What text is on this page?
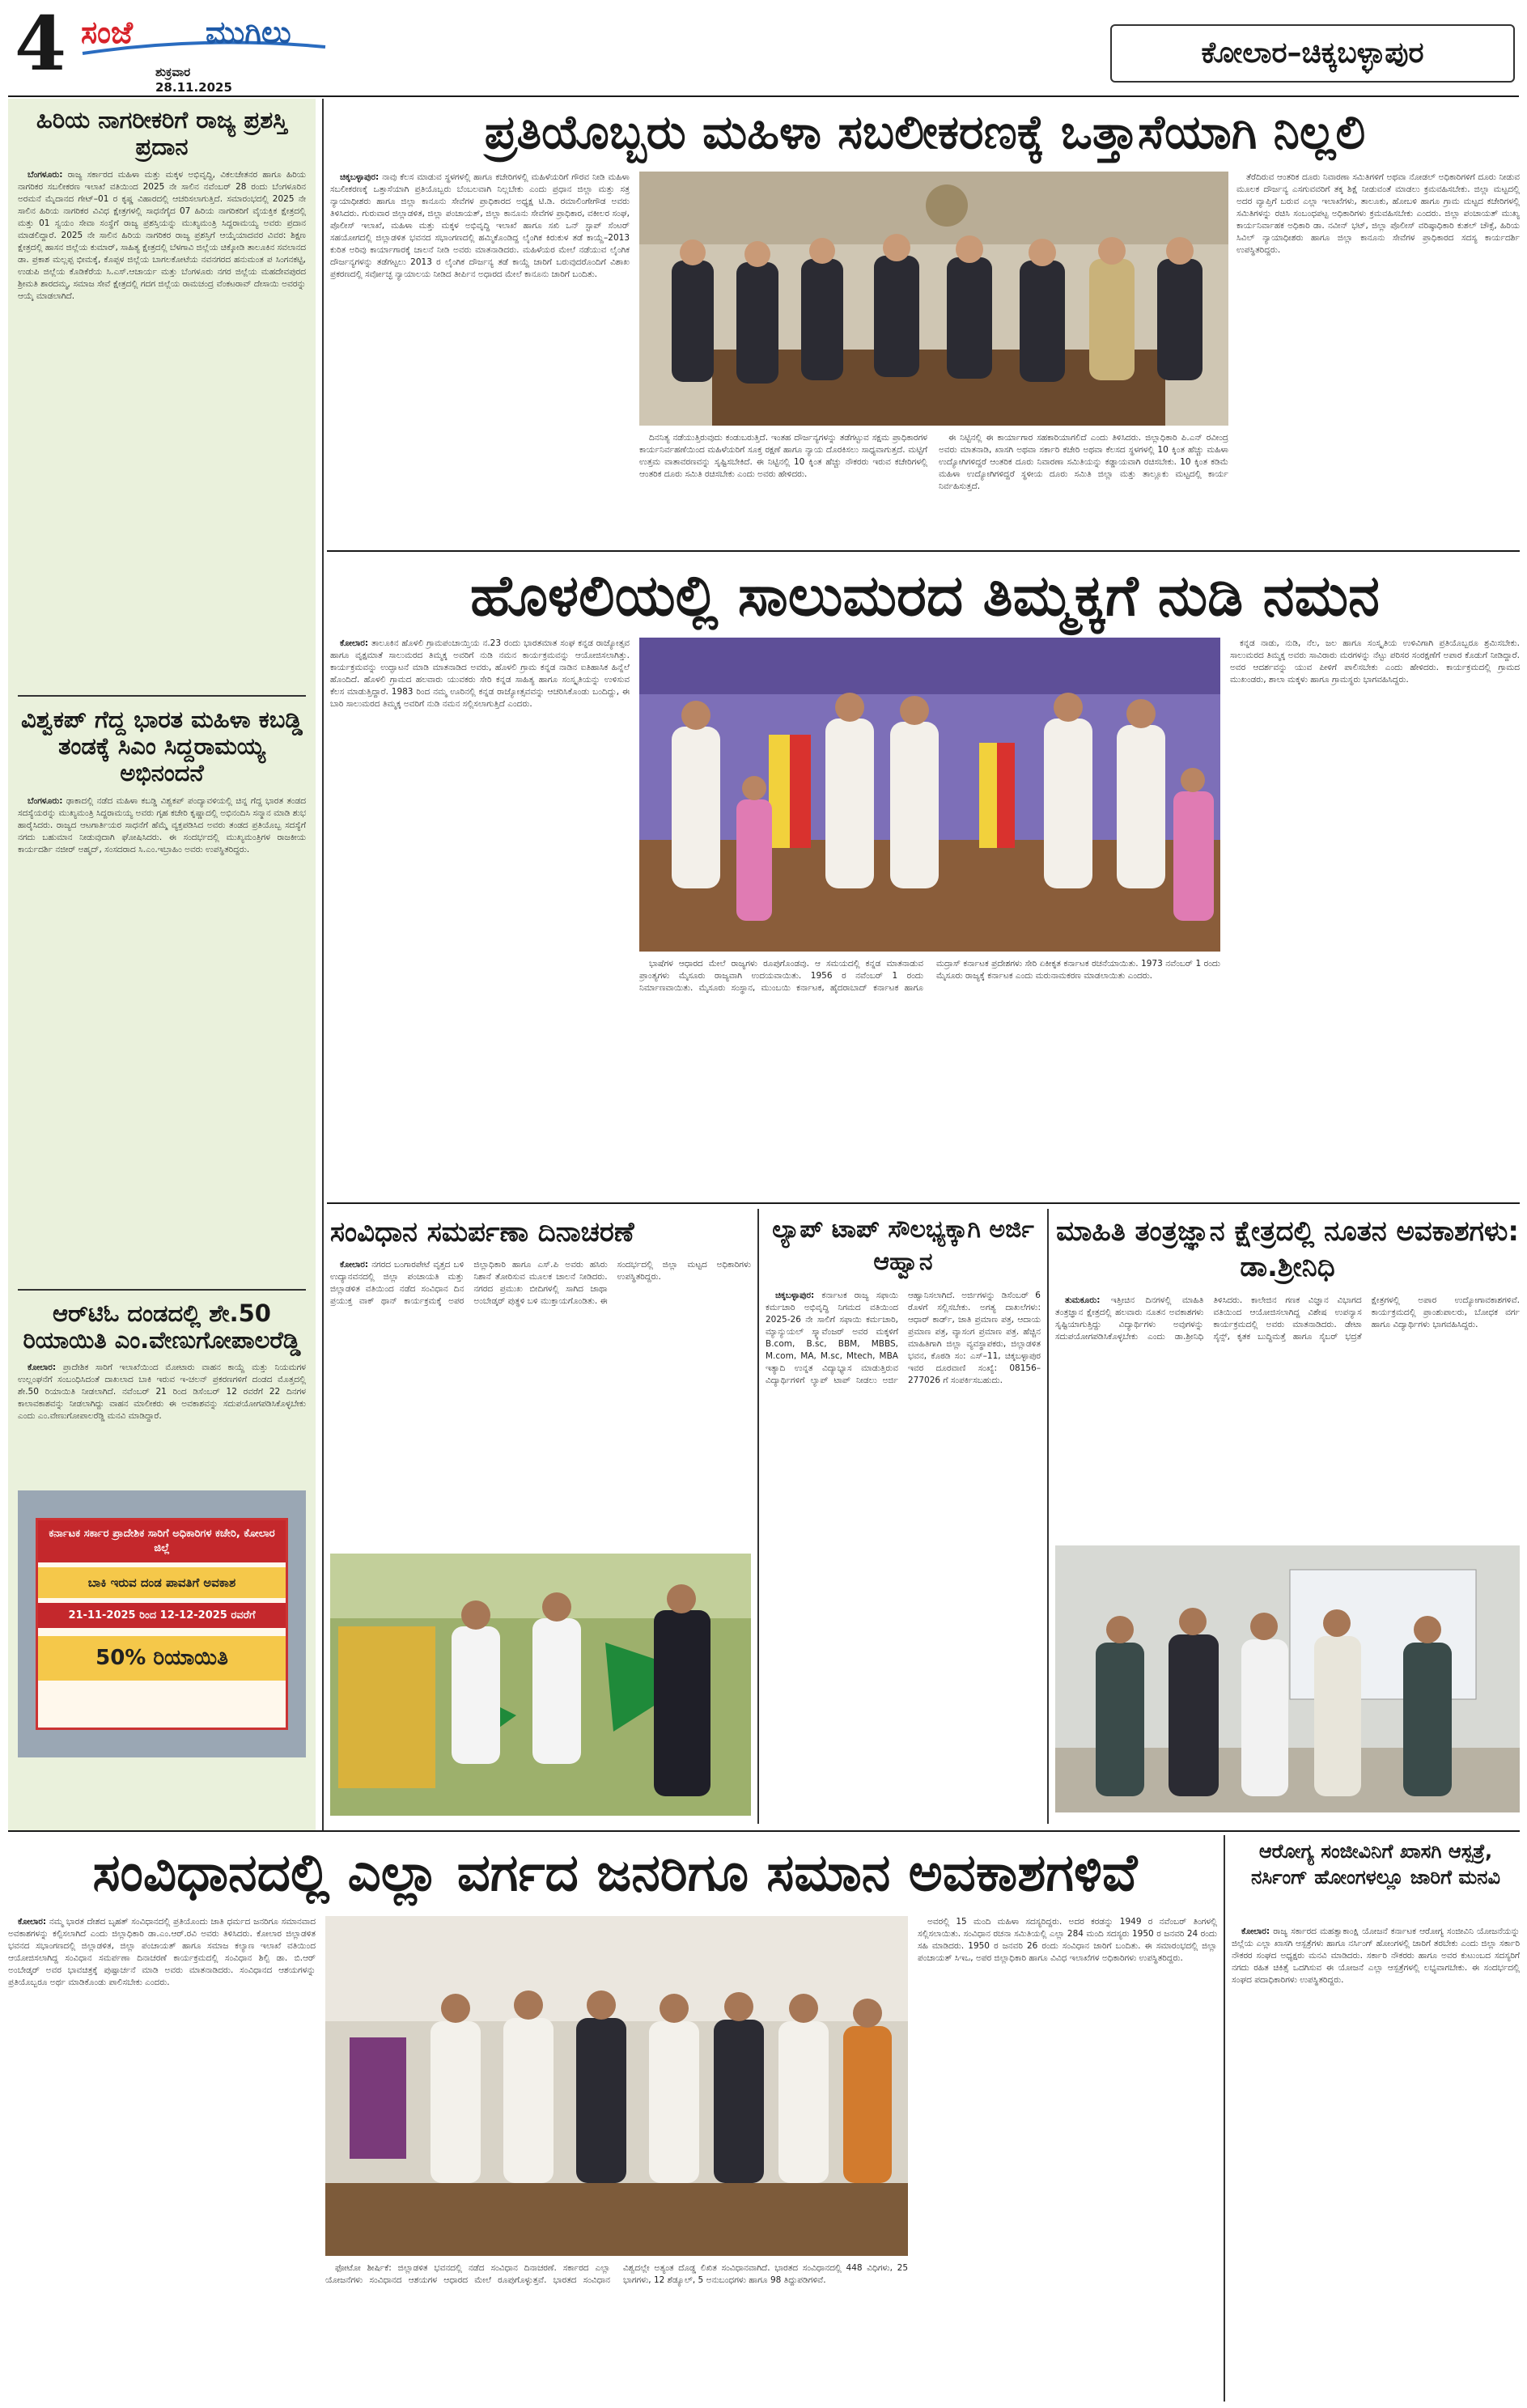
4 ಸಂಜೆ ಮುಗಿಲು
ಶುಕ್ರವಾರ
28.11.2025
ಕೋಲಾರ–ಚಿಕ್ಕಬಳ್ಳಾಪುರ
ಹಿರಿಯ ನಾಗರೀಕರಿಗೆ ರಾಜ್ಯ ಪ್ರಶಸ್ತಿ ಪ್ರದಾನ

ಬೆಂಗಳೂರು: ರಾಜ್ಯ ಸರ್ಕಾರದ ಮಹಿಳಾ ಮತ್ತು ಮಕ್ಕಳ ಅಭಿವೃದ್ಧಿ, ವಿಕಲಚೇತನರ ಹಾಗೂ ಹಿರಿಯ ನಾಗರಿಕರ ಸಬಲೀಕರಣ ಇಲಾಖೆ ವತಿಯಿಂದ 2025 ನೇ ಸಾಲಿನ ನವೆಂಬರ್ 28 ರಂದು ಬೆಂಗಳೂರಿನ ಅರಮನೆ ಮೈದಾನದ ಗೇಟ್–01 ರ ಕೃಷ್ಣ ವಿಹಾರದಲ್ಲಿ ಆಚರಿಸಲಾಗುತ್ತಿದೆ. ಸಮಾರಂಭದಲ್ಲಿ 2025 ನೇ ಸಾಲಿನ ಹಿರಿಯ ನಾಗರಿಕರ ವಿವಿಧ ಕ್ಷೇತ್ರಗಳಲ್ಲಿ ಸಾಧನೆಗೈದ 07 ಹಿರಿಯ ನಾಗರಿಕರಿಗೆ ವೈಯಕ್ತಿಕ ಕ್ಷೇತ್ರದಲ್ಲಿ ಮತ್ತು 01 ಸ್ವಯಂ ಸೇವಾ ಸಂಸ್ಥೆಗೆ ರಾಜ್ಯ ಪ್ರಶಸ್ತಿಯನ್ನು ಮುಖ್ಯಮಂತ್ರಿ ಸಿದ್ದರಾಮಯ್ಯ ಅವರು ಪ್ರದಾನ ಮಾಡಲಿದ್ದಾರೆ. 2025 ನೇ ಸಾಲಿನ ಹಿರಿಯ ನಾಗರಿಕರ ರಾಜ್ಯ ಪ್ರಶಸ್ತಿಗೆ ಆಯ್ಕೆಯಾದವರ ವಿವರ: ಶಿಕ್ಷಣ ಕ್ಷೇತ್ರದಲ್ಲಿ ಹಾಸನ ಜಿಲ್ಲೆಯ ಕುಮಾರ್, ಸಾಹಿತ್ಯ ಕ್ಷೇತ್ರದಲ್ಲಿ ಬೆಳಗಾವಿ ಜಿಲ್ಲೆಯ ಚಿಕ್ಕೋಡಿ ತಾಲೂಕಿನ ಸವಲಾನದ ಡಾ. ಪ್ರಕಾಶ ಮಲ್ಲಪ್ಪ ಭೀಮಕ್ಕೆ, ಕೊಪ್ಪಳ ಜಿಲ್ಲೆಯ ಬಾಗಲಕೋಟೆಯ ನವನಗರದ ಹನುಮಂತ ಪ ಸಿಂಗನಕಟ್ಟಿ, ಉಡುಪಿ ಜಿಲ್ಲೆಯ ಕೊಡಿಕೆರೆಯ ಸಿ.ಎಸ್.ಆಚಾರ್ಯ ಮತ್ತು ಬೆಂಗಳೂರು ನಗರ ಜಿಲ್ಲೆಯ ಮಹದೇವಪುರದ ಶ್ರೀಮತಿ ಶಾರದಮ್ಮ, ಸಮಾಜ ಸೇವೆ ಕ್ಷೇತ್ರದಲ್ಲಿ ಗದಗ ಜಿಲ್ಲೆಯ ರಾಮಚಂದ್ರ ವೆಂಕಟರಾವ್ ದೇಸಾಯಿ ಅವರನ್ನು ಆಯ್ಕೆ ಮಾಡಲಾಗಿದೆ.

ವಿಶ್ವಕಪ್ ಗೆದ್ದ ಭಾರತ ಮಹಿಳಾ ಕಬಡ್ಡಿ ತಂಡಕ್ಕೆ ಸಿಎಂ ಸಿದ್ದರಾಮಯ್ಯ ಅಭಿನಂದನೆ

ಬೆಂಗಳೂರು: ಢಾಕಾದಲ್ಲಿ ನಡೆದ ಮಹಿಳಾ ಕಬಡ್ಡಿ ವಿಶ್ವಕಪ್ ಪಂದ್ಯಾವಳಿಯಲ್ಲಿ ಚಿನ್ನ ಗೆದ್ದ ಭಾರತ ತಂಡದ ಸದಸ್ಯೆಯರನ್ನು ಮುಖ್ಯಮಂತ್ರಿ ಸಿದ್ದರಾಮಯ್ಯ ಅವರು ಗೃಹ ಕಚೇರಿ ಕೃಷ್ಣಾದಲ್ಲಿ ಅಭಿನಂದಿಸಿ ಸನ್ಮಾನ ಮಾಡಿ ಶುಭ ಹಾರೈಸಿದರು. ರಾಜ್ಯದ ಆಟಗಾರ್ತಿಯರ ಸಾಧನೆಗೆ ಹೆಮ್ಮೆ ವ್ಯಕ್ತಪಡಿಸಿದ ಅವರು ತಂಡದ ಪ್ರತಿಯೊಬ್ಬ ಸದಸ್ಯೆಗೆ ನಗದು ಬಹುಮಾನ ನೀಡುವುದಾಗಿ ಘೋಷಿಸಿದರು. ಈ ಸಂದರ್ಭದಲ್ಲಿ ಮುಖ್ಯಮಂತ್ರಿಗಳ ರಾಜಕೀಯ ಕಾರ್ಯದರ್ಶಿ ನಜೀರ್ ಅಹ್ಮದ್, ಸಂಸದರಾದ ಸಿ.ಎಂ.ಇಬ್ರಾಹಿಂ ಅವರು ಉಪಸ್ಥಿತರಿದ್ದರು.

ಆರ್‌ಟಿಓ ದಂಡದಲ್ಲಿ ಶೇ.50 ರಿಯಾಯಿತಿ ಎಂ.ವೇಣುಗೋಪಾಲರೆಡ್ಡಿ

ಕೋಲಾರ: ಪ್ರಾದೇಶಿಕ ಸಾರಿಗೆ ಇಲಾಖೆಯಿಂದ ಮೋಟಾರು ವಾಹನ ಕಾಯ್ದೆ ಮತ್ತು ನಿಯಮಗಳ ಉಲ್ಲಂಘನೆಗೆ ಸಂಬಂಧಿಸಿದಂತೆ ದಾಖಲಾದ ಬಾಕಿ ಇರುವ ಇ-ಚಲನ್ ಪ್ರಕರಣಗಳಿಗೆ ದಂಡದ ಮೊತ್ತದಲ್ಲಿ ಶೇ.50 ರಿಯಾಯಿತಿ ನೀಡಲಾಗಿದೆ. ನವೆಂಬರ್ 21 ರಿಂದ ಡಿಸೆಂಬರ್ 12 ರವರೆಗೆ 22 ದಿನಗಳ ಕಾಲಾವಕಾಶವನ್ನು ನೀಡಲಾಗಿದ್ದು ವಾಹನ ಮಾಲೀಕರು ಈ ಅವಕಾಶವನ್ನು ಸದುಪಯೋಗಪಡಿಸಿಕೊಳ್ಳಬೇಕು ಎಂದು ಎಂ.ವೇಣುಗೋಪಾಲರೆಡ್ಡಿ ಮನವಿ ಮಾಡಿದ್ದಾರೆ.

ಕರ್ನಾಟಕ ಸರ್ಕಾರ ಪ್ರಾದೇಶಿಕ ಸಾರಿಗೆ ಅಧಿಕಾರಿಗಳ ಕಚೇರಿ, ಕೋಲಾರ ಜಿಲ್ಲೆ
ಬಾಕಿ ಇರುವ ದಂಡ ಪಾವತಿಗೆ ಅವಕಾಶ
21-11-2025 ರಿಂದ 12-12-2025 ರವರೆಗೆ
50% ರಿಯಾಯಿತಿ
ಪ್ರತಿಯೊಬ್ಬರು ಮಹಿಳಾ ಸಬಲೀಕರಣಕ್ಕೆ ಒತ್ತಾಸೆಯಾಗಿ ನಿಲ್ಲಲಿ

ಚಿಕ್ಕಬಳ್ಳಾಪುರ: ನಾವು ಕೆಲಸ ಮಾಡುವ ಸ್ಥಳಗಳಲ್ಲಿ ಹಾಗೂ ಕಚೇರಿಗಳಲ್ಲಿ ಮಹಿಳೆಯರಿಗೆ ಗೌರವ ನೀಡಿ ಮಹಿಳಾ ಸಬಲೀಕರಣಕ್ಕೆ ಒತ್ತಾಸೆಯಾಗಿ ಪ್ರತಿಯೊಬ್ಬರು ಬೆಂಬಲವಾಗಿ ನಿಲ್ಲಬೇಕು ಎಂದು ಪ್ರಧಾನ ಜಿಲ್ಲಾ ಮತ್ತು ಸತ್ರ ನ್ಯಾಯಾಧೀಶರು ಹಾಗೂ ಜಿಲ್ಲಾ ಕಾನೂನು ಸೇವೆಗಳ ಪ್ರಾಧಿಕಾರದ ಅಧ್ಯಕ್ಷ ಟಿ.ಡಿ. ರಮಾಲಿಂಗೇಗೌಡ ಅವರು ತಿಳಿಸಿದರು. ಗುರುವಾರ ಜಿಲ್ಲಾಡಳಿತ, ಜಿಲ್ಲಾ ಪಂಚಾಯತ್, ಜಿಲ್ಲಾ ಕಾನೂನು ಸೇವೆಗಳ ಪ್ರಾಧಿಕಾರ, ವಕೀಲರ ಸಂಘ, ಪೊಲೀಸ್ ಇಲಾಖೆ, ಮಹಿಳಾ ಮತ್ತು ಮಕ್ಕಳ ಅಭಿವೃದ್ಧಿ ಇಲಾಖೆ ಹಾಗೂ ಸಖಿ ಒನ್ ಸ್ಟಾಪ್ ಸೆಂಟರ್ ಸಹಯೋಗದಲ್ಲಿ ಜಿಲ್ಲಾಡಳಿತ ಭವನದ ಸಭಾಂಗಣದಲ್ಲಿ ಹಮ್ಮಿಕೊಂಡಿದ್ದ ಲೈಂಗಿಕ ಕಿರುಕುಳ ತಡೆ ಕಾಯ್ದೆ–2013 ಕುರಿತ ಅರಿವು ಕಾರ್ಯಾಗಾರಕ್ಕೆ ಚಾಲನೆ ನೀಡಿ ಅವರು ಮಾತನಾಡಿದರು. ಮಹಿಳೆಯರ ಮೇಲೆ ನಡೆಯುವ ಲೈಂಗಿಕ ದೌರ್ಜನ್ಯಗಳನ್ನು ತಡೆಗಟ್ಟಲು 2013 ರ ಲೈಂಗಿಕ ದೌರ್ಜನ್ಯ ತಡೆ ಕಾಯ್ದೆ ಜಾರಿಗೆ ಬರುವುದರೊಂದಿಗೆ ವಿಶಾಖ ಪ್ರಕರಣದಲ್ಲಿ ಸರ್ವೋಚ್ಛ ನ್ಯಾಯಾಲಯ ನೀಡಿದ ತೀರ್ಪಿನ ಅಧಾರದ ಮೇಲೆ ಕಾನೂನು ಜಾರಿಗೆ ಬಂದಿತು.

ದಿನನಿತ್ಯ ನಡೆಯುತ್ತಿರುವುದು ಕಂಡುಬರುತ್ತಿದೆ. ಇಂತಹ ದೌರ್ಜನ್ಯಗಳನ್ನು ತಡೆಗಟ್ಟುವ ಸಕ್ಷಮ ಪ್ರಾಧಿಕಾರಗಳ ಕಾರ್ಯನಿರ್ವಹಣೆಯಿಂದ ಮಹಿಳೆಯರಿಗೆ ಸೂಕ್ತ ರಕ್ಷಣೆ ಹಾಗೂ ನ್ಯಾಯ ದೊರಕಿಸಲು ಸಾಧ್ಯವಾಗುತ್ತದೆ. ಮಟ್ಟಿಗೆ ಉತ್ತಮ ವಾತಾವರಣವನ್ನು ಸೃಷ್ಟಿಸಬೇಕಿದೆ. ಈ ನಿಟ್ಟಿನಲ್ಲಿ 10 ಕ್ಕಿಂತ ಹೆಚ್ಚು ನೌಕರರು ಇರುವ ಕಚೇರಿಗಳಲ್ಲಿ ಆಂತರಿಕ ದೂರು ಸಮಿತಿ ರಚಿಸಬೇಕು ಎಂದು ಅವರು ಹೇಳಿದರು.

ಈ ನಿಟ್ಟಿನಲ್ಲಿ ಈ ಕಾರ್ಯಾಗಾರ ಸಹಕಾರಿಯಾಗಲಿದೆ ಎಂದು ತಿಳಿಸಿದರು. ಜಿಲ್ಲಾಧಿಕಾರಿ ಪಿ.ಎನ್ ರವೀಂದ್ರ ಅವರು ಮಾತನಾಡಿ, ಖಾಸಗಿ ಅಥವಾ ಸರ್ಕಾರಿ ಕಚೇರಿ ಅಥವಾ ಕೆಲಸದ ಸ್ಥಳಗಳಲ್ಲಿ 10 ಕ್ಕಿಂತ ಹೆಚ್ಚು ಮಹಿಳಾ ಉದ್ಯೋಗಿಗಳಿದ್ದರೆ ಆಂತರಿಕ ದೂರು ನಿವಾರಣಾ ಸಮಿತಿಯನ್ನು ಕಡ್ಡಾಯವಾಗಿ ರಚಿಸಬೇಕು. 10 ಕ್ಕಿಂತ ಕಡಿಮೆ ಮಹಿಳಾ ಉದ್ಯೋಗಿಗಳಿದ್ದರೆ ಸ್ಥಳೀಯ ದೂರು ಸಮಿತಿ ಜಿಲ್ಲಾ ಮತ್ತು ತಾಲ್ಲೂಕು ಮಟ್ಟದಲ್ಲಿ ಕಾರ್ಯ ನಿರ್ವಹಿಸುತ್ತದೆ.

ತೆರೆದಿರುವ ಆಂತರಿಕ ದೂರು ನಿವಾರಣಾ ಸಮಿತಿಗಳಿಗೆ ಅಥವಾ ನೋಡಲ್ ಅಧಿಕಾರಿಗಳಿಗೆ ದೂರು ನೀಡುವ ಮೂಲಕ ದೌರ್ಜನ್ಯ ಎಸಗುವವರಿಗೆ ತಕ್ಕ ಶಿಕ್ಷೆ ನೀಡುವಂತೆ ಮಾಡಲು ಕ್ರಮವಹಿಸಬೇಕು. ಜಿಲ್ಲಾ ಮಟ್ಟದಲ್ಲಿ ಅದರ ವ್ಯಾಪ್ತಿಗೆ ಬರುವ ಎಲ್ಲಾ ಇಲಾಖೆಗಳು, ತಾಲೂಕು, ಹೋಬಳಿ ಹಾಗೂ ಗ್ರಾಮ ಮಟ್ಟದ ಕಚೇರಿಗಳಲ್ಲಿ ಸಮಿತಿಗಳನ್ನು ರಚಿಸಿ ಸಂಬಂಧಪಟ್ಟ ಅಧಿಕಾರಿಗಳು ಕ್ರಮವಹಿಸಬೇಕು ಎಂದರು. ಜಿಲ್ಲಾ ಪಂಚಾಯತ್ ಮುಖ್ಯ ಕಾರ್ಯನಿರ್ವಾಹಕ ಅಧಿಕಾರಿ ಡಾ. ನವೀನ್ ಭಟ್, ಜಿಲ್ಲಾ ಪೊಲೀಸ್ ವರಿಷ್ಠಾಧಿಕಾರಿ ಕುಶಲ್ ಚೌಕ್ಸೆ, ಹಿರಿಯ ಸಿವಿಲ್ ನ್ಯಾಯಾಧೀಶರು ಹಾಗೂ ಜಿಲ್ಲಾ ಕಾನೂನು ಸೇವೆಗಳ ಪ್ರಾಧಿಕಾರದ ಸದಸ್ಯ ಕಾರ್ಯದರ್ಶಿ ಉಪಸ್ಥಿತರಿದ್ದರು.

ಹೊಳಲಿಯಲ್ಲಿ ಸಾಲುಮರದ ತಿಮ್ಮಕ್ಕಗೆ ನುಡಿ ನಮನ

ಕೋಲಾರ: ತಾಲೂಕಿನ ಹೊಳಲಿ ಗ್ರಾಮಪಂಚಾಯ್ತಿಯ ನ.23 ರಂದು ಭಾರತಮಾತ ಸಂಘ ಕನ್ನಡ ರಾಜ್ಯೋತ್ಸವ ಹಾಗೂ ವೃಕ್ಷಮಾತೆ ಸಾಲುಮರದ ತಿಮ್ಮಕ್ಕ ಅವರಿಗೆ ನುಡಿ ನಮನ ಕಾರ್ಯಕ್ರಮವನ್ನು ಆಯೋಜಿಸಲಾಗಿತ್ತು. ಕಾರ್ಯಕ್ರಮವನ್ನು ಉದ್ಘಾಟನೆ ಮಾಡಿ ಮಾತನಾಡಿದ ಅವರು, ಹೊಳಲಿ ಗ್ರಾಮ ಕನ್ನಡ ನಾಡಿನ ಐತಿಹಾಸಿಕ ಹಿನ್ನೆಲೆ ಹೊಂದಿದೆ. ಹೊಳಲಿ ಗ್ರಾಮದ ಹಲವಾರು ಯುವಕರು ಸೇರಿ ಕನ್ನಡ ಸಾಹಿತ್ಯ ಹಾಗೂ ಸಂಸ್ಕೃತಿಯನ್ನು ಉಳಿಸುವ ಕೆಲಸ ಮಾಡುತ್ತಿದ್ದಾರೆ. 1983 ರಿಂದ ನಮ್ಮ ಊರಿನಲ್ಲಿ ಕನ್ನಡ ರಾಜ್ಯೋತ್ಸವವನ್ನು ಆಚರಿಸಿಕೊಂಡು ಬಂದಿದ್ದು, ಈ ಬಾರಿ ಸಾಲುಮರದ ತಿಮ್ಮಕ್ಕ ಅವರಿಗೆ ನುಡಿ ನಮನ ಸಲ್ಲಿಸಲಾಗುತ್ತಿದೆ ಎಂದರು.

ಭಾಷೆಗಳ ಆಧಾರದ ಮೇಲೆ ರಾಜ್ಯಗಳು ರೂಪುಗೊಂಡವು. ಆ ಸಮಯದಲ್ಲಿ ಕನ್ನಡ ಮಾತನಾಡುವ ಪ್ರಾಂತ್ಯಗಳು ಮೈಸೂರು ರಾಜ್ಯವಾಗಿ ಉದಯವಾಯಿತು. 1956 ರ ನವೆಂಬರ್ 1 ರಂದು ನಿರ್ಮಾಣವಾಯಿತು. ಮೈಸೂರು ಸಂಸ್ಥಾನ, ಮುಂಬಯಿ ಕರ್ನಾಟಕ, ಹೈದರಾಬಾದ್ ಕರ್ನಾಟಕ ಹಾಗೂ ಮದ್ರಾಸ್ ಕರ್ನಾಟಕ ಪ್ರದೇಶಗಳು ಸೇರಿ ಏಕೀಕೃತ ಕರ್ನಾಟಕ ರಚನೆಯಾಯಿತು. 1973 ನವೆಂಬರ್ 1 ರಂದು ಮೈಸೂರು ರಾಜ್ಯಕ್ಕೆ ಕರ್ನಾಟಕ ಎಂದು ಮರುನಾಮಕರಣ ಮಾಡಲಾಯಿತು ಎಂದರು.

ಕನ್ನಡ ನಾಡು, ನುಡಿ, ನೆಲ, ಜಲ ಹಾಗೂ ಸಂಸ್ಕೃತಿಯ ಉಳಿವಿಗಾಗಿ ಪ್ರತಿಯೊಬ್ಬರೂ ಶ್ರಮಿಸಬೇಕು. ಸಾಲುಮರದ ತಿಮ್ಮಕ್ಕ ಅವರು ಸಾವಿರಾರು ಮರಗಳನ್ನು ನೆಟ್ಟು ಪರಿಸರ ಸಂರಕ್ಷಣೆಗೆ ಅಪಾರ ಕೊಡುಗೆ ನೀಡಿದ್ದಾರೆ. ಅವರ ಆದರ್ಶವನ್ನು ಯುವ ಪೀಳಿಗೆ ಪಾಲಿಸಬೇಕು ಎಂದು ಹೇಳಿದರು. ಕಾರ್ಯಕ್ರಮದಲ್ಲಿ ಗ್ರಾಮದ ಮುಖಂಡರು, ಶಾಲಾ ಮಕ್ಕಳು ಹಾಗೂ ಗ್ರಾಮಸ್ಥರು ಭಾಗವಹಿಸಿದ್ದರು.

ಸಂವಿಧಾನ ಸಮರ್ಪಣಾ ದಿನಾಚರಣೆ

ಕೋಲಾರ: ನಗರದ ಬಂಗಾರಪೇಟೆ ವೃತ್ತದ ಬಳಿ ಉದ್ಯಾನವನದಲ್ಲಿ ಜಿಲ್ಲಾ ಪಂಚಾಯತಿ ಮತ್ತು ಜಿಲ್ಲಾಡಳಿತ ವತಿಯಿಂದ ನಡೆದ ಸಂವಿಧಾನ ದಿನ ಪ್ರಯುಕ್ತ ವಾಕ್ ಥಾನ್ ಕಾರ್ಯಕ್ರಮಕ್ಕೆ ಅಪರ ಜಿಲ್ಲಾಧಿಕಾರಿ ಹಾಗೂ ಎಸ್.ಪಿ ಅವರು ಹಸಿರು ನಿಶಾನೆ ತೋರಿಸುವ ಮೂಲಕ ಚಾಲನೆ ನೀಡಿದರು. ನಗರದ ಪ್ರಮುಖ ಬೀದಿಗಳಲ್ಲಿ ಸಾಗಿದ ಜಾಥಾ ಅಂಬೇಡ್ಕರ್ ಪುತ್ಥಳಿ ಬಳಿ ಮುಕ್ತಾಯಗೊಂಡಿತು. ಈ ಸಂದರ್ಭದಲ್ಲಿ ಜಿಲ್ಲಾ ಮಟ್ಟದ ಅಧಿಕಾರಿಗಳು ಉಪಸ್ಥಿತರಿದ್ದರು.

ಲ್ಯಾಪ್ ಟಾಪ್ ಸೌಲಭ್ಯಕ್ಕಾಗಿ ಅರ್ಜಿ ಆಹ್ವಾನ

ಚಿಕ್ಕಬಳ್ಳಾಪುರ: ಕರ್ನಾಟಕ ರಾಜ್ಯ ಸಫಾಯಿ ಕರ್ಮಚಾರಿ ಅಭಿವೃದ್ಧಿ ನಿಗಮದ ವತಿಯಿಂದ 2025-26 ನೇ ಸಾಲಿಗೆ ಸಫಾಯಿ ಕರ್ಮಚಾರಿ, ಮ್ಯಾನ್ಯುಯಲ್ ಸ್ಕ್ಯಾವೆಂಜರ್ ಅವರ ಮಕ್ಕಳಿಗೆ B.com, B.sc, BBM, MBBS, M.com, MA, M.sc, Mtech, MBA ಇತ್ಯಾದಿ ಉನ್ನತ ವಿದ್ಯಾಭ್ಯಾಸ ಮಾಡುತ್ತಿರುವ ವಿದ್ಯಾರ್ಥಿಗಳಿಗೆ ಲ್ಯಾಪ್ ಟಾಪ್ ನೀಡಲು ಅರ್ಜಿ ಆಹ್ವಾನಿಸಲಾಗಿದೆ. ಅರ್ಜಿಗಳನ್ನು ಡಿಸೆಂಬರ್ 6 ರೊಳಗೆ ಸಲ್ಲಿಸಬೇಕು. ಅಗತ್ಯ ದಾಖಲೆಗಳು: ಆಧಾರ್ ಕಾರ್ಡ್, ಜಾತಿ ಪ್ರಮಾಣ ಪತ್ರ, ಆದಾಯ ಪ್ರಮಾಣ ಪತ್ರ, ವ್ಯಾಸಂಗ ಪ್ರಮಾಣ ಪತ್ರ. ಹೆಚ್ಚಿನ ಮಾಹಿತಿಗಾಗಿ ಜಿಲ್ಲಾ ವ್ಯವಸ್ಥಾಪಕರು, ಜಿಲ್ಲಾಡಳಿತ ಭವನ, ಕೊಠಡಿ ಸಂ: ಎಸ್–11, ಚಿಕ್ಕಬಳ್ಳಾಪುರ ಇವರ ದೂರವಾಣಿ ಸಂಖ್ಯೆ: 08156–277026 ಗೆ ಸಂಪರ್ಕಿಸಬಹುದು.

ಮಾಹಿತಿ ತಂತ್ರಜ್ಞಾನ ಕ್ಷೇತ್ರದಲ್ಲಿ ನೂತನ ಅವಕಾಶಗಳು: ಡಾ.ಶ್ರೀನಿಧಿ

ತುಮಕೂರು: ಇತ್ತೀಚಿನ ದಿನಗಳಲ್ಲಿ ಮಾಹಿತಿ ತಂತ್ರಜ್ಞಾನ ಕ್ಷೇತ್ರದಲ್ಲಿ ಹಲವಾರು ನೂತನ ಅವಕಾಶಗಳು ಸೃಷ್ಟಿಯಾಗುತ್ತಿದ್ದು ವಿದ್ಯಾರ್ಥಿಗಳು ಅವುಗಳನ್ನು ಸದುಪಯೋಗಪಡಿಸಿಕೊಳ್ಳಬೇಕು ಎಂದು ಡಾ.ಶ್ರೀನಿಧಿ ತಿಳಿಸಿದರು. ಕಾಲೇಜಿನ ಗಣಕ ವಿಜ್ಞಾನ ವಿಭಾಗದ ವತಿಯಿಂದ ಆಯೋಜಿಸಲಾಗಿದ್ದ ವಿಶೇಷ ಉಪನ್ಯಾಸ ಕಾರ್ಯಕ್ರಮದಲ್ಲಿ ಅವರು ಮಾತನಾಡಿದರು. ಡೇಟಾ ಸೈನ್ಸ್, ಕೃತಕ ಬುದ್ಧಿಮತ್ತೆ ಹಾಗೂ ಸೈಬರ್ ಭದ್ರತೆ ಕ್ಷೇತ್ರಗಳಲ್ಲಿ ಅಪಾರ ಉದ್ಯೋಗಾವಕಾಶಗಳಿವೆ. ಕಾರ್ಯಕ್ರಮದಲ್ಲಿ ಪ್ರಾಂಶುಪಾಲರು, ಬೋಧಕ ವರ್ಗ ಹಾಗೂ ವಿದ್ಯಾರ್ಥಿಗಳು ಭಾಗವಹಿಸಿದ್ದರು.

ಸಂವಿಧಾನದಲ್ಲಿ ಎಲ್ಲಾ ವರ್ಗದ ಜನರಿಗೂ ಸಮಾನ ಅವಕಾಶಗಳಿವೆ

ಕೋಲಾರ: ನಮ್ಮ ಭಾರತ ದೇಶದ ಬೃಹತ್ ಸಂವಿಧಾನದಲ್ಲಿ ಪ್ರತಿಯೊಂದು ಜಾತಿ ಧರ್ಮದ ಜನರಿಗೂ ಸಮಾನವಾದ ಅವಕಾಶಗಳನ್ನು ಕಲ್ಪಿಸಲಾಗಿದೆ ಎಂದು ಜಿಲ್ಲಾಧಿಕಾರಿ ಡಾ.ಎಂ.ಆರ್.ರವಿ ಅವರು ತಿಳಿಸಿದರು. ಕೋಲಾರ ಜಿಲ್ಲಾಡಳಿತ ಭವನದ ಸಭಾಂಗಣದಲ್ಲಿ ಜಿಲ್ಲಾಡಳಿತ, ಜಿಲ್ಲಾ ಪಂಚಾಯತ್ ಹಾಗೂ ಸಮಾಜ ಕಲ್ಯಾಣ ಇಲಾಖೆ ವತಿಯಿಂದ ಆಯೋಜಿಸಲಾಗಿದ್ದ ಸಂವಿಧಾನ ಸಮರ್ಪಣಾ ದಿನಾಚರಣೆ ಕಾರ್ಯಕ್ರಮದಲ್ಲಿ ಸಂವಿಧಾನ ಶಿಲ್ಪಿ ಡಾ. ಬಿ.ಆರ್ ಅಂಬೇಡ್ಕರ್ ಅವರ ಭಾವಚಿತ್ರಕ್ಕೆ ಪುಷ್ಪಾರ್ಚನೆ ಮಾಡಿ ಅವರು ಮಾತನಾಡಿದರು. ಸಂವಿಧಾನದ ಆಶಯಗಳನ್ನು ಪ್ರತಿಯೊಬ್ಬರೂ ಅರ್ಥ ಮಾಡಿಕೊಂಡು ಪಾಲಿಸಬೇಕು ಎಂದರು.

ಫೋಟೋ ಶೀರ್ಷಿಕೆ: ಜಿಲ್ಲಾಡಳಿತ ಭವನದಲ್ಲಿ ನಡೆದ ಸಂವಿಧಾನ ದಿನಾಚರಣೆ. ಸರ್ಕಾರದ ಎಲ್ಲಾ ಯೋಜನೆಗಳು ಸಂವಿಧಾನದ ಆಶಯಗಳ ಆಧಾರದ ಮೇಲೆ ರೂಪುಗೊಳ್ಳುತ್ತವೆ. ಭಾರತದ ಸಂವಿಧಾನ ವಿಶ್ವದಲ್ಲೇ ಅತ್ಯಂತ ದೊಡ್ಡ ಲಿಖಿತ ಸಂವಿಧಾನವಾಗಿದೆ. ಭಾರತದ ಸಂವಿಧಾನದಲ್ಲಿ 448 ವಿಧಿಗಳು, 25 ಭಾಗಗಳು, 12 ಶೆಡ್ಯೂಲ್, 5 ಅನುಬಂಧಗಳು ಹಾಗೂ 98 ತಿದ್ದುಪಡಿಗಳಿವೆ.

ಅವರಲ್ಲಿ 15 ಮಂದಿ ಮಹಿಳಾ ಸದಸ್ಯರಿದ್ದರು. ಅದರ ಕರಡನ್ನು 1949 ರ ನವೆಂಬರ್ ತಿಂಗಳಲ್ಲಿ ಸಲ್ಲಿಸಲಾಯಿತು. ಸಂವಿಧಾನ ರಚನಾ ಸಮಿತಿಯಲ್ಲಿ ಎಲ್ಲಾ 284 ಮಂದಿ ಸದಸ್ಯರು 1950 ರ ಜನವರಿ 24 ರಂದು ಸಹಿ ಮಾಡಿದರು. 1950 ರ ಜನವರಿ 26 ರಂದು ಸಂವಿಧಾನ ಜಾರಿಗೆ ಬಂದಿತು. ಈ ಸಮಾರಂಭದಲ್ಲಿ ಜಿಲ್ಲಾ ಪಂಚಾಯತ್ ಸಿಇಒ, ಅಪರ ಜಿಲ್ಲಾಧಿಕಾರಿ ಹಾಗೂ ವಿವಿಧ ಇಲಾಖೆಗಳ ಅಧಿಕಾರಿಗಳು ಉಪಸ್ಥಿತರಿದ್ದರು.

ಆರೋಗ್ಯ ಸಂಜೀವಿನಿಗೆ ಖಾಸಗಿ ಆಸ್ಪತ್ರೆ, ನರ್ಸಿಂಗ್ ಹೋಂಗಳಲ್ಲೂ ಜಾರಿಗೆ ಮನವಿ

ಕೋಲಾರ: ರಾಜ್ಯ ಸರ್ಕಾರದ ಮಹತ್ವಾಕಾಂಕ್ಷಿ ಯೋಜನೆ ಕರ್ನಾಟಕ ಆರೋಗ್ಯ ಸಂಜೀವಿನಿ ಯೋಜನೆಯನ್ನು ಜಿಲ್ಲೆಯ ಎಲ್ಲಾ ಖಾಸಗಿ ಆಸ್ಪತ್ರೆಗಳು ಹಾಗೂ ನರ್ಸಿಂಗ್ ಹೋಂಗಳಲ್ಲಿ ಜಾರಿಗೆ ತರಬೇಕು ಎಂದು ಜಿಲ್ಲಾ ಸರ್ಕಾರಿ ನೌಕರರ ಸಂಘದ ಅಧ್ಯಕ್ಷರು ಮನವಿ ಮಾಡಿದರು. ಸರ್ಕಾರಿ ನೌಕರರು ಹಾಗೂ ಅವರ ಕುಟುಂಬದ ಸದಸ್ಯರಿಗೆ ನಗದು ರಹಿತ ಚಿಕಿತ್ಸೆ ಒದಗಿಸುವ ಈ ಯೋಜನೆ ಎಲ್ಲಾ ಆಸ್ಪತ್ರೆಗಳಲ್ಲಿ ಲಭ್ಯವಾಗಬೇಕು. ಈ ಸಂದರ್ಭದಲ್ಲಿ ಸಂಘದ ಪದಾಧಿಕಾರಿಗಳು ಉಪಸ್ಥಿತರಿದ್ದರು.
